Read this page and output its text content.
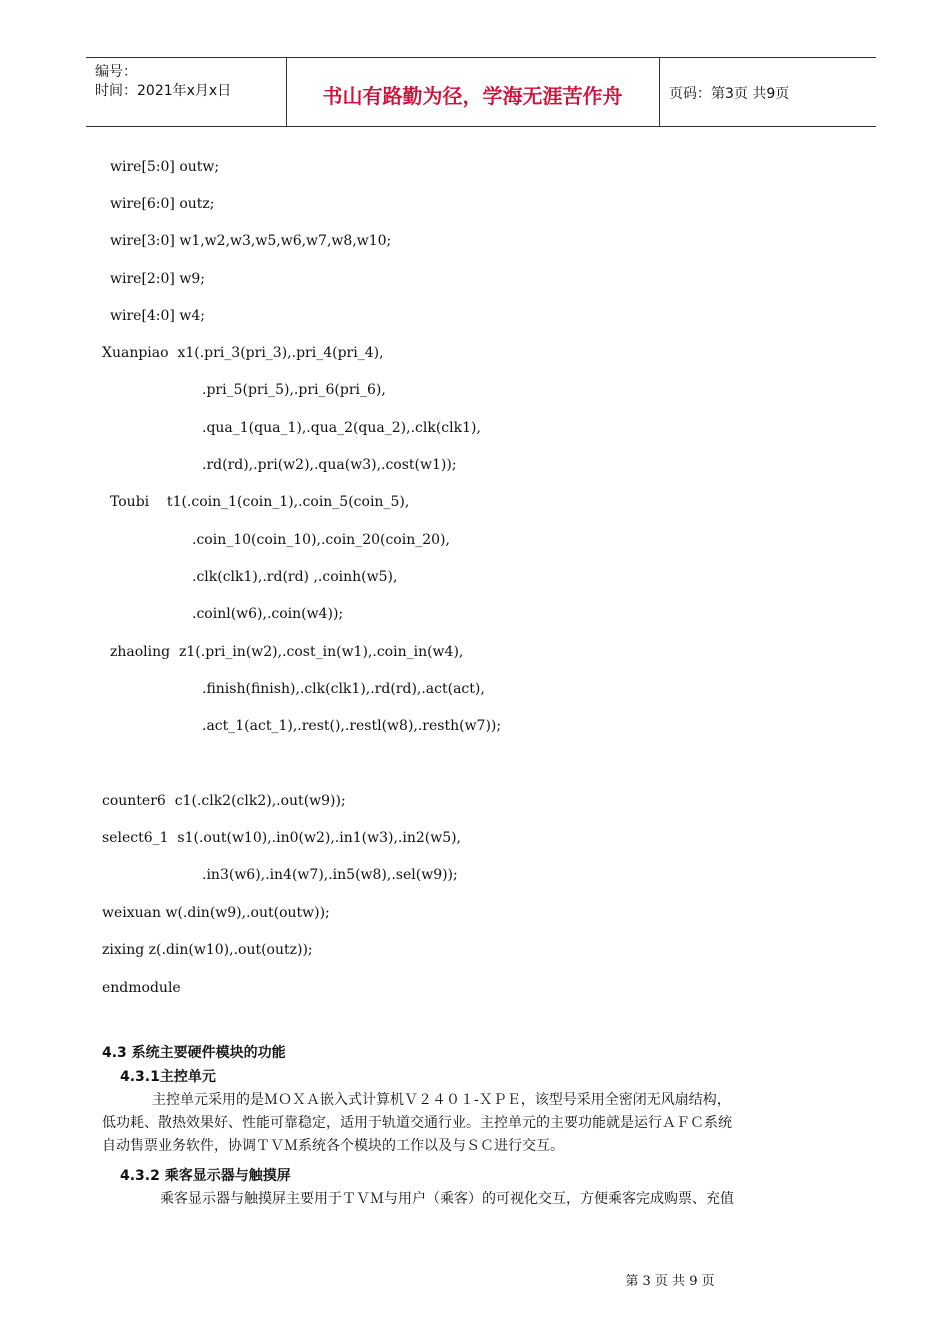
编号：
时间：2021年x月x日	书山有路勤为径，学海无涯苦作舟	页码：第3页 共9页
wire[5:0] outw;
wire[6:0] outz;
wire[3:0] w1,w2,w3,w5,w6,w7,w8,w10;
wire[2:0] w9;
wire[4:0] w4;
Xuanpiao  x1(.pri_3(pri_3),.pri_4(pri_4),
.pri_5(pri_5),.pri_6(pri_6),
.qua_1(qua_1),.qua_2(qua_2),.clk(clk1),
.rd(rd),.pri(w2),.qua(w3),.cost(w1));
Toubi    t1(.coin_1(coin_1),.coin_5(coin_5),
.coin_10(coin_10),.coin_20(coin_20),
.clk(clk1),.rd(rd) ,.coinh(w5),
.coinl(w6),.coin(w4));
zhaoling  z1(.pri_in(w2),.cost_in(w1),.coin_in(w4),
.finish(finish),.clk(clk1),.rd(rd),.act(act),
.act_1(act_1),.rest(),.restl(w8),.resth(w7));
counter6  c1(.clk2(clk2),.out(w9));
select6_1  s1(.out(w10),.in0(w2),.in1(w3),.in2(w5),
.in3(w6),.in4(w7),.in5(w8),.sel(w9));
weixuan w(.din(w9),.out(outw));
zixing z(.din(w10),.out(outz));
endmodule
4.3 系统主要硬件模块的功能
4.3.1主控单元
主控单元采用的是ＭＯＸＡ嵌入式计算机Ｖ２４０１-ＸＰＥ，该型号采用全密闭无风扇结构，
低功耗、散热效果好、性能可靠稳定，适用于轨道交通行业。主控单元的主要功能就是运行ＡＦＣ系统
自动售票业务软件，协调ＴＶＭ系统各个模块的工作以及与ＳＣ进行交互。
4.3.2 乘客显示器与触摸屏
乘客显示器与触摸屏主要用于ＴＶＭ与用户（乘客）的可视化交互，方便乘客完成购票、充值
第 3 页 共 9 页
